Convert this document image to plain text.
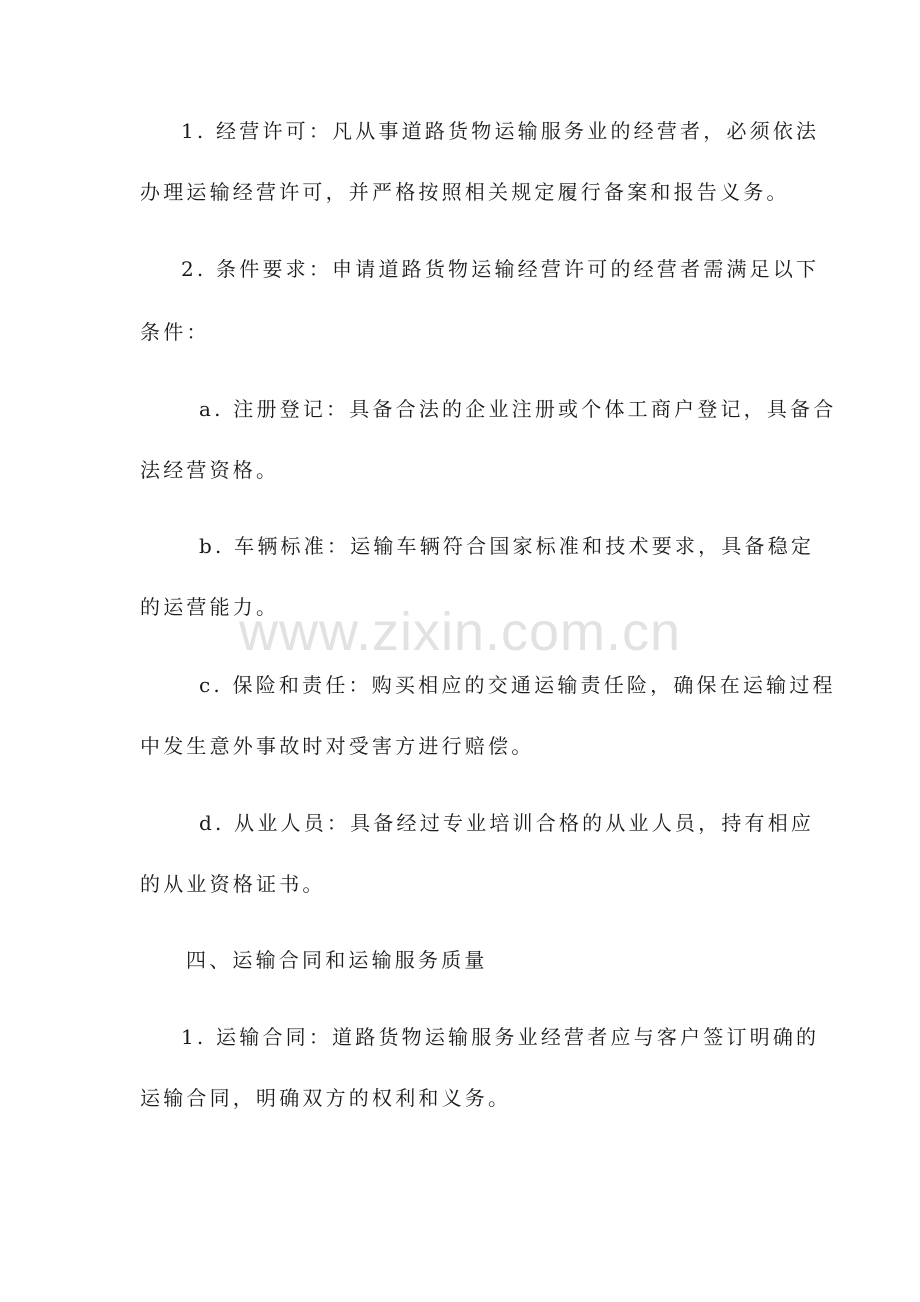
1. 经营许可：凡从事道路货物运输服务业的经营者，必须依法
办理运输经营许可，并严格按照相关规定履行备案和报告义务。
2. 条件要求：申请道路货物运输经营许可的经营者需满足以下
条件：
a. 注册登记：具备合法的企业注册或个体工商户登记，具备合
法经营资格。
b. 车辆标准：运输车辆符合国家标准和技术要求，具备稳定
的运营能力。
c. 保险和责任：购买相应的交通运输责任险，确保在运输过程
中发生意外事故时对受害方进行赔偿。
d. 从业人员：具备经过专业培训合格的从业人员，持有相应
的从业资格证书。
四、运输合同和运输服务质量
1. 运输合同：道路货物运输服务业经营者应与客户签订明确的
运输合同，明确双方的权利和义务。
www.zixin.com.cn
